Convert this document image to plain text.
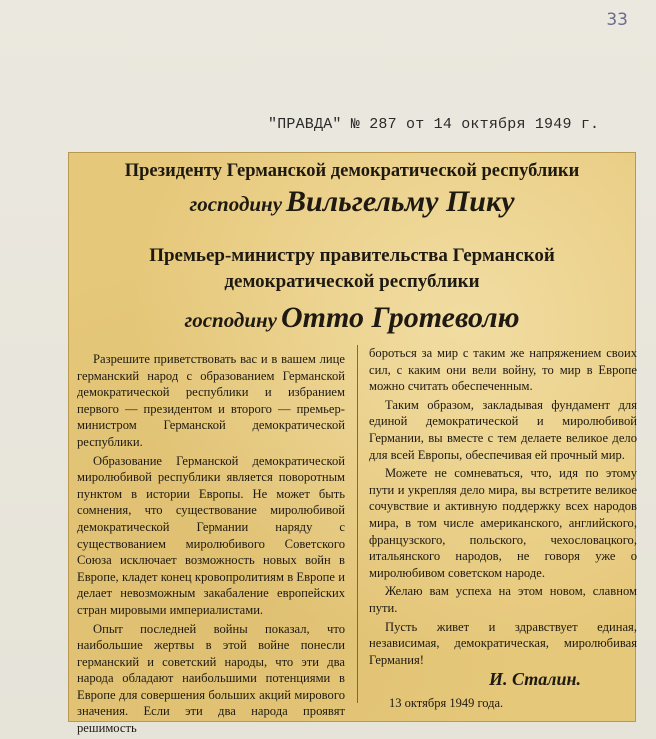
33
"ПРАВДА" № 287 от 14 октября 1949 г.
Президенту Германской демократической республики
господину Вильгельму Пику
Премьер-министру правительства Германской
демократической республики
господину Отто Гротеволю

Разрешите приветствовать вас и в вашем лице германский народ с образованием Германской демократической республики и избранием первого — президентом и второго — премьер-министром Германской демократической республики.

Образование Германской демократической миролюбивой республики является поворотным пунктом в истории Европы. Не может быть сомнения, что существование миролюбивой демократической Германии наряду с существованием миролюбивого Советского Союза исключает возможность новых войн в Европе, кладет конец кровопролитиям в Европе и делает невозможным закабаление европейских стран мировыми империалистами.

Опыт последней войны показал, что наибольшие жертвы в этой войне понесли германский и советский народы, что эти два народа обладают наибольшими потенциями в Европе для совершения больших акций мирового значения. Если эти два народа проявят решимость

бороться за мир с таким же напряжением своих сил, с каким они вели войну, то мир в Европе можно считать обеспеченным.

Таким образом, закладывая фундамент для единой демократической и миролюбивой Германии, вы вместе с тем делаете великое дело для всей Европы, обеспечивая ей прочный мир.

Можете не сомневаться, что, идя по этому пути и укрепляя дело мира, вы встретите великое сочувствие и активную поддержку всех народов мира, в том числе американского, английского, французского, польского, чехословацкого, итальянского народов, не говоря уже о миролюбивом советском народе.

Желаю вам успеха на этом новом, славном пути.

Пусть живет и здравствует единая, независимая, демократическая, миролюбивая Германия!

И. Сталин.
13 октября 1949 года.
